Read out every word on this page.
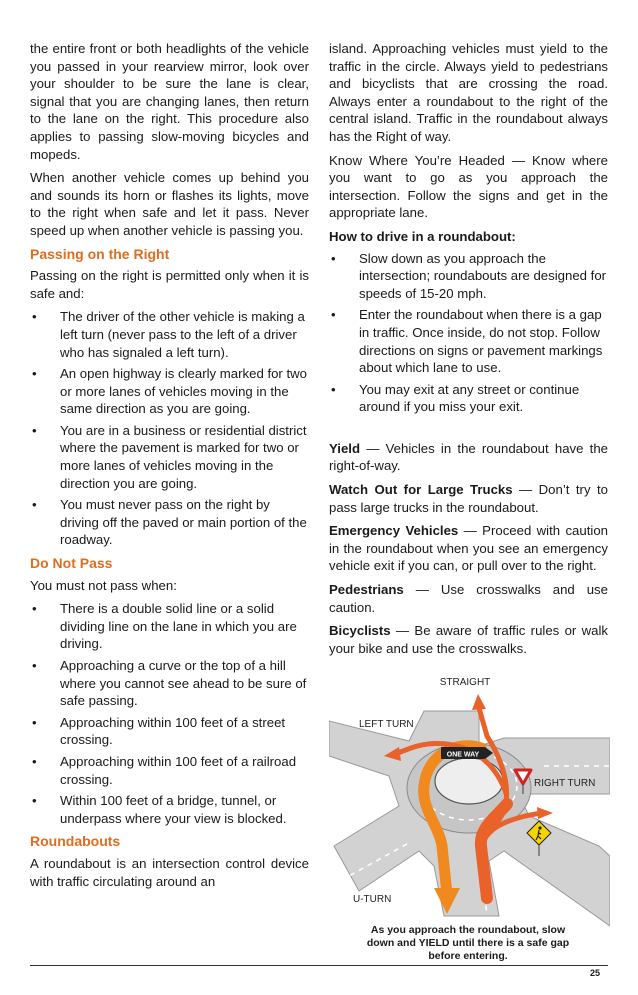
the entire front or both headlights of the vehicle you passed in your rearview mirror, look over your shoulder to be sure the lane is clear, signal that you are changing lanes, then return to the lane on the right. This procedure also applies to passing slow-moving bicycles and mopeds.

When another vehicle comes up behind you and sounds its horn or flashes its lights, move to the right when safe and let it pass. Never speed up when another vehicle is passing you.

Passing on the Right

Passing on the right is permitted only when it is safe and:

• The driver of the other vehicle is making a left turn (never pass to the left of a driver who has signaled a left turn).
• An open highway is clearly marked for two or more lanes of vehicles moving in the same direction as you are going.
• You are in a business or residential district where the pavement is marked for two or more lanes of vehicles moving in the direction you are going.
• You must never pass on the right by driving off the paved or main portion of the roadway.
Do Not Pass

You must not pass when:

• There is a double solid line or a solid dividing line on the lane in which you are driving.
• Approaching a curve or the top of a hill where you cannot see ahead to be sure of safe passing.
• Approaching within 100 feet of a street crossing.
• Approaching within 100 feet of a railroad crossing.
• Within 100 feet of a bridge, tunnel, or underpass where your view is blocked.
Roundabouts

A roundabout is an intersection control device with traffic circulating around an

island. Approaching vehicles must yield to the traffic in the circle. Always yield to pedestrians and bicyclists that are crossing the road. Always enter a roundabout to the right of the central island. Traffic in the roundabout always has the Right of way.

Know Where You’re Headed — Know where you want to go as you approach the intersection. Follow the signs and get in the appropriate lane.

How to drive in a roundabout:
• Slow down as you approach the intersection; roundabouts are designed for speeds of 15-20 mph.
• Enter the roundabout when there is a gap in traffic. Once inside, do not stop. Follow directions on signs or pavement markings about which lane to use.
• You may exit at any street or continue around if you miss your exit.

Yield — Vehicles in the roundabout have the right-of-way.

Watch Out for Large Trucks — Don’t try to pass large trucks in the roundabout.

Emergency Vehicles — Proceed with caution in the roundabout when you see an emergency vehicle exit if you can, or pull over to the right.

Pedestrians — Use crosswalks and use caution.

Bicyclists — Be aware of traffic rules or walk your bike and use the crosswalks.

ONE WAY
STRAIGHT
LEFT TURN
RIGHT TURN
U-TURN
As you approach the roundabout, slow down and YIELD until there is a safe gap before entering.
25
